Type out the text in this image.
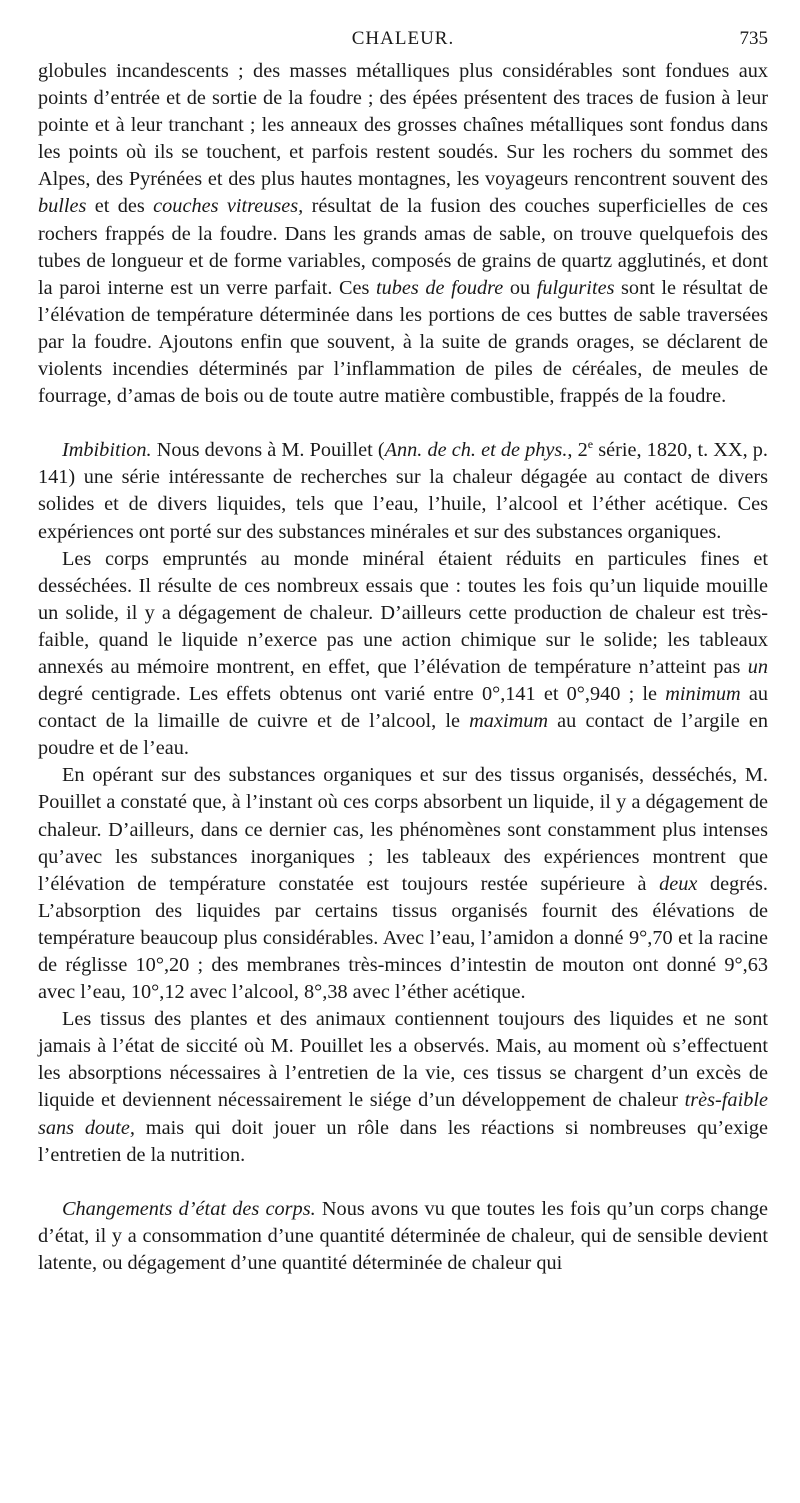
CHALEUR.	735

globules incandescents ; des masses métalliques plus considérables sont fondues aux points d’entrée et de sortie de la foudre ; des épées présentent des traces de fusion à leur pointe et à leur tranchant ; les anneaux des grosses chaînes métalliques sont fondus dans les points où ils se touchent, et parfois restent soudés. Sur les rochers du sommet des Alpes, des Pyrénées et des plus hautes montagnes, les voyageurs rencontrent souvent des bulles et des couches vitreuses, résultat de la fusion des couches superficielles de ces rochers frappés de la foudre. Dans les grands amas de sable, on trouve quelquefois des tubes de longueur et de forme variables, composés de grains de quartz agglutinés, et dont la paroi interne est un verre parfait. Ces tubes de foudre ou fulgurites sont le résultat de l’élévation de température déterminée dans les portions de ces buttes de sable traversées par la foudre. Ajoutons enfin que souvent, à la suite de grands orages, se déclarent de violents incendies déterminés par l’inflammation de piles de céréales, de meules de fourrage, d’amas de bois ou de toute autre matière combustible, frappés de la foudre.

Imbibition. Nous devons à M. Pouillet (Ann. de ch. et de phys., 2e série, 1820, t. XX, p. 141) une série intéressante de recherches sur la chaleur dégagée au contact de divers solides et de divers liquides, tels que l’eau, l’huile, l’alcool et l’éther acétique. Ces expériences ont porté sur des substances minérales et sur des substances organiques.

Les corps empruntés au monde minéral étaient réduits en particules fines et desséchées. Il résulte de ces nombreux essais que : toutes les fois qu’un liquide mouille un solide, il y a dégagement de chaleur. D’ailleurs cette production de chaleur est très-faible, quand le liquide n’exerce pas une action chimique sur le solide; les tableaux annexés au mémoire montrent, en effet, que l’élévation de température n’atteint pas un degré centigrade. Les effets obtenus ont varié entre 0°,141 et 0°,940 ; le minimum au contact de la limaille de cuivre et de l’alcool, le maximum au contact de l’argile en poudre et de l’eau.

En opérant sur des substances organiques et sur des tissus organisés, desséchés, M. Pouillet a constaté que, à l’instant où ces corps absorbent un liquide, il y a dégagement de chaleur. D’ailleurs, dans ce dernier cas, les phénomènes sont constamment plus intenses qu’avec les substances inorganiques ; les tableaux des expériences montrent que l’élévation de température constatée est toujours restée supérieure à deux degrés. L’absorption des liquides par certains tissus organisés fournit des élévations de température beaucoup plus considérables. Avec l’eau, l’amidon a donné 9°,70 et la racine de réglisse 10°,20 ; des membranes très-minces d’intestin de mouton ont donné 9°,63 avec l’eau, 10°,12 avec l’alcool, 8°,38 avec l’éther acétique.

Les tissus des plantes et des animaux contiennent toujours des liquides et ne sont jamais à l’état de siccité où M. Pouillet les a observés. Mais, au moment où s’effectuent les absorptions nécessaires à l’entretien de la vie, ces tissus se chargent d’un excès de liquide et deviennent nécessairement le siége d’un développement de chaleur très-faible sans doute, mais qui doit jouer un rôle dans les réactions si nombreuses qu’exige l’entretien de la nutrition.

Changements d’état des corps. Nous avons vu que toutes les fois qu’un corps change d’état, il y a consommation d’une quantité déterminée de chaleur, qui de sensible devient latente, ou dégagement d’une quantité déterminée de chaleur qui
